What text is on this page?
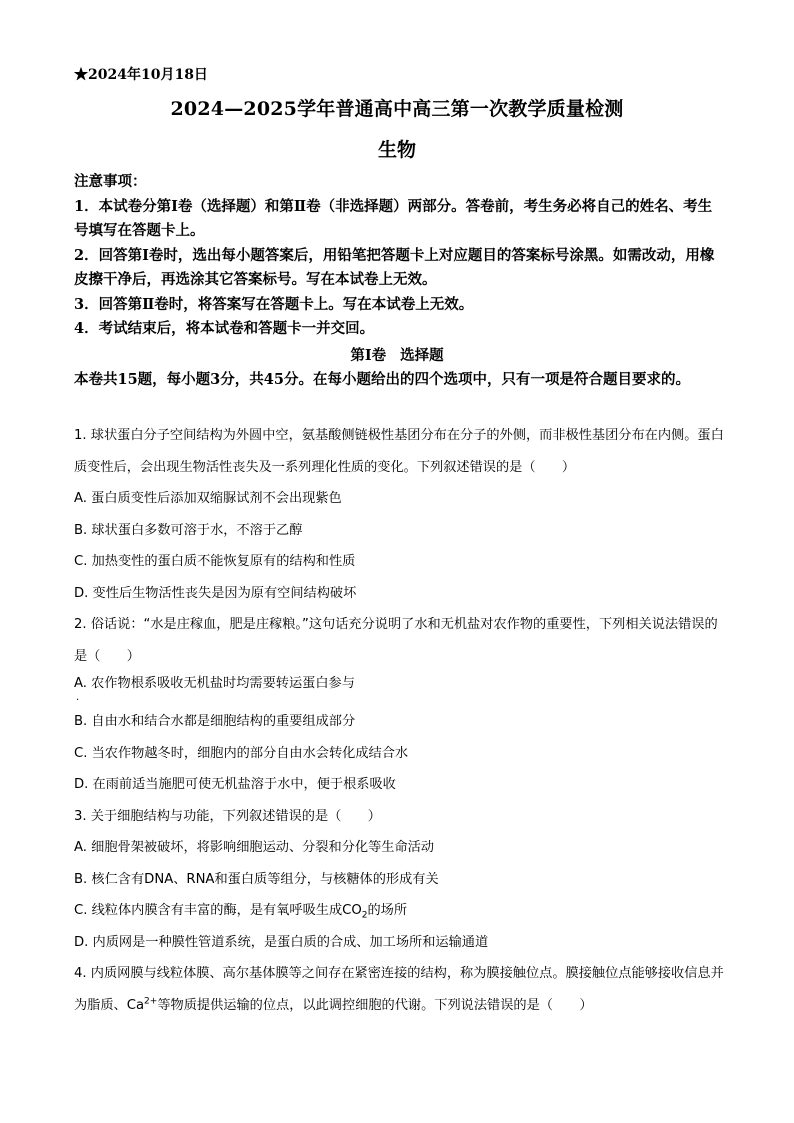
★2024年10月18日
2024—2025学年普通高中高三第一次教学质量检测
生物

注意事项：

1．本试卷分第Ⅰ卷（选择题）和第Ⅱ卷（非选择题）两部分。答卷前，考生务必将自己的姓名、考生号填写在答题卡上。

2．回答第Ⅰ卷时，选出每小题答案后，用铅笔把答题卡上对应题目的答案标号涂黑。如需改动，用橡皮擦干净后，再选涂其它答案标号。写在本试卷上无效。

3．回答第Ⅱ卷时，将答案写在答题卡上。写在本试卷上无效。

4．考试结束后，将本试卷和答题卡一并交回。

第Ⅰ卷 选择题
本卷共15题，每小题3分，共45分。在每小题给出的四个选项中，只有一项是符合题目要求的。

1. 球状蛋白分子空间结构为外圆中空，氨基酸侧链极性基团分布在分子的外侧，而非极性基团分布在内侧。蛋白质变性后，会出现生物活性丧失及一系列理化性质的变化。下列叙述错误的是（　　）

A. 蛋白质变性后添加双缩脲试剂不会出现紫色

B. 球状蛋白多数可溶于水，不溶于乙醇

C. 加热变性的蛋白质不能恢复原有的结构和性质

D. 变性后生物活性丧失是因为原有空间结构破坏

2. 俗话说：“水是庄稼血，肥是庄稼粮。”这句话充分说明了水和无机盐对农作物的重要性，下列相关说法错误的是（　　）

A. 农作物根系吸收无机盐时均需要转运蛋白参与

·

B. 自由水和结合水都是细胞结构的重要组成部分

C. 当农作物越冬时，细胞内的部分自由水会转化成结合水

D. 在雨前适当施肥可使无机盐溶于水中，便于根系吸收

3. 关于细胞结构与功能，下列叙述错误的是（　　）

A. 细胞骨架被破坏，将影响细胞运动、分裂和分化等生命活动

B. 核仁含有DNA、RNA和蛋白质等组分，与核糖体的形成有关

C. 线粒体内膜含有丰富的酶，是有氧呼吸生成$CO_2$的场所

D. 内质网是一种膜性管道系统，是蛋白质的合成、加工场所和运输通道

4. 内质网膜与线粒体膜、高尔基体膜等之间存在紧密连接的结构，称为膜接触位点。膜接触位点能够接收信息并为脂质、$Ca^{2+}$等物质提供运输的位点，以此调控细胞的代谢。下列说法错误的是（　　）
